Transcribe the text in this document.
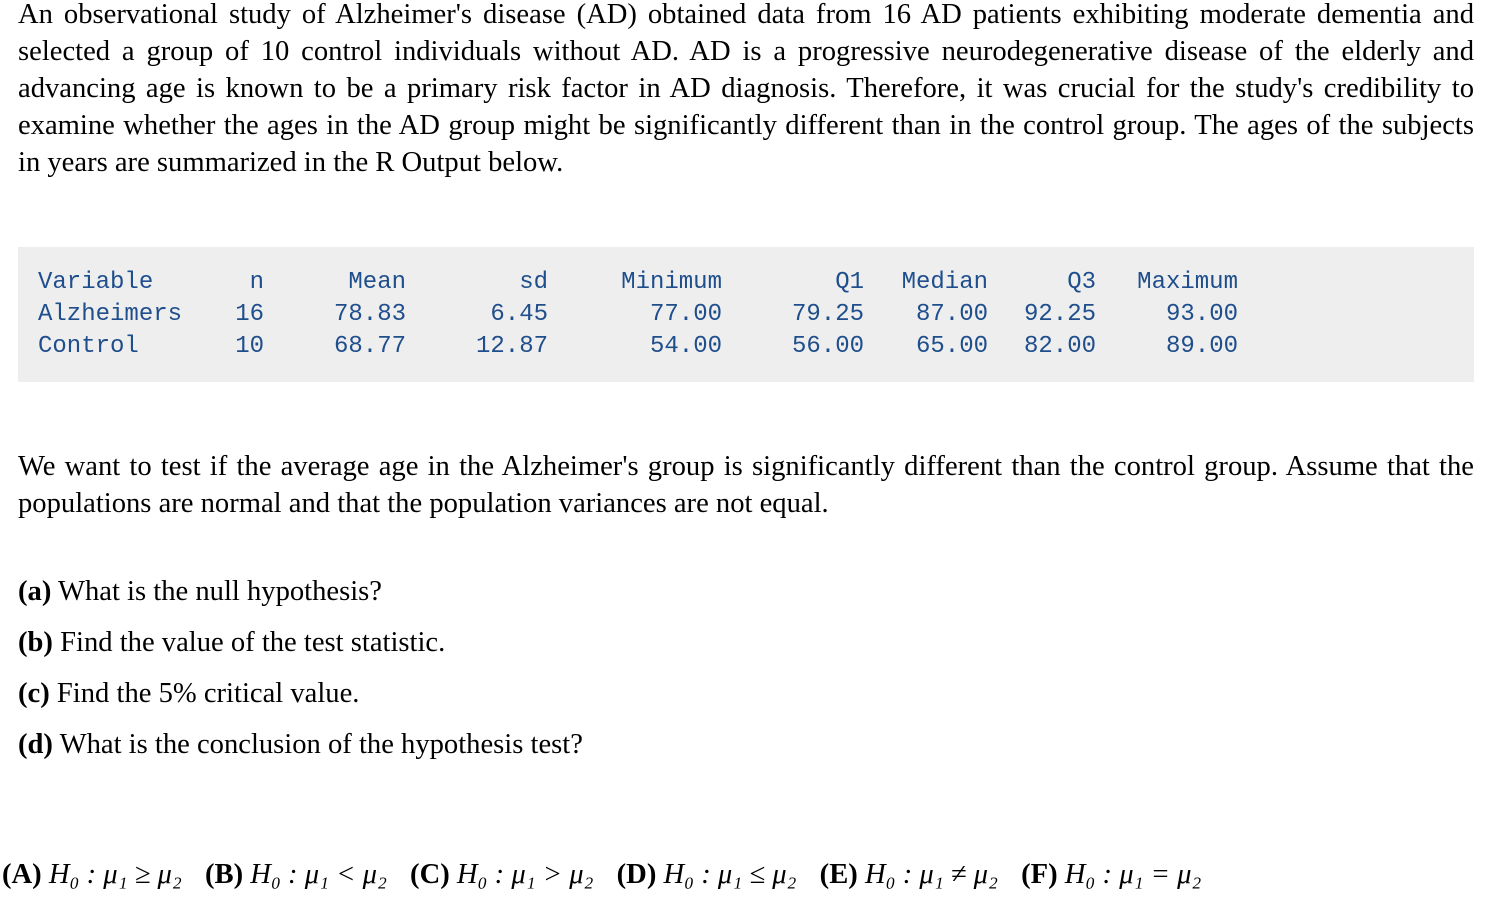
An observational study of Alzheimer's disease (AD) obtained data from 16 AD patients exhibiting moderate dementia and selected a group of 10 control individuals without AD. AD is a progressive neurodegenerative disease of the elderly and advancing age is known to be a primary risk factor in AD diagnosis. Therefore, it was crucial for the study's credibility to examine whether the ages in the AD group might be significantly different than in the control group. The ages of the subjects in years are summarized in the R Output below.

Variable	n	Mean	sd	Minimum	Q1	Median	Q3	Maximum
Alzheimers	16	78.83	6.45	77.00	79.25	87.00	92.25	93.00
Control	10	68.77	12.87	54.00	56.00	65.00	82.00	89.00

We want to test if the average age in the Alzheimer's group is significantly different than the control group. Assume that the populations are normal and that the population variances are not equal.

(a) What is the null hypothesis?
(b) Find the value of the test statistic.
(c) Find the 5% critical value.
(d) What is the conclusion of the hypothesis test?
(A) H₀ : μ₁ ≥ μ₂ (B) H₀ : μ₁ < μ₂ (C) H₀ : μ₁ > μ₂ (D) H₀ : μ₁ ≤ μ₂ (E) H₀ : μ₁ ≠ μ₂ (F) H₀ : μ₁ = μ₂
